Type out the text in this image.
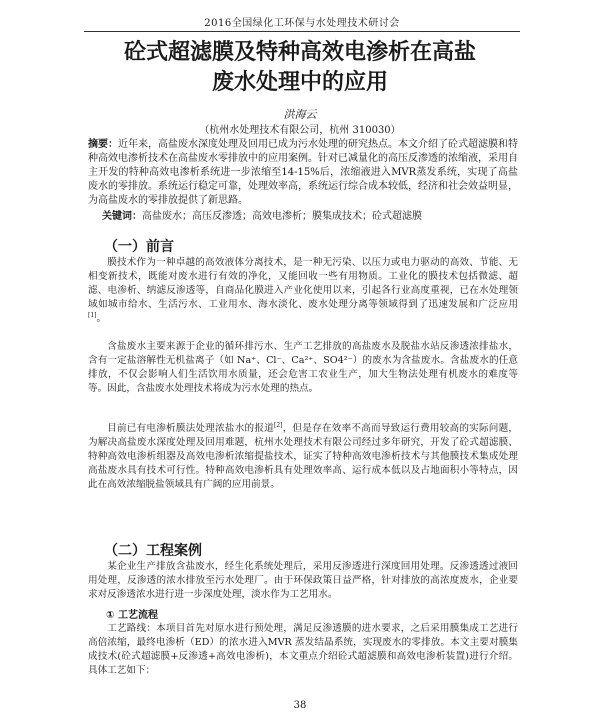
2016全国绿化工环保与水处理技术研讨会
砼式超滤膜及特种高效电渗析在高盐
废水处理中的应用
洪海云
（杭州水处理技术有限公司，杭州 310030）
摘要：近年来，高盐废水深度处理及回用已成为污水处理的研究热点。本文介绍了砼式超滤膜和特种高效电渗析技术在高盐废水零排放中的应用案例。针对已减量化的高压反渗透的浓缩液，采用自主开发的特种高效电渗析系统进一步浓缩至14-15%后，浓缩液进入MVR蒸发系统，实现了高盐废水的零排放。系统运行稳定可靠，处理效率高，系统运行综合成本较低，经济和社会效益明显，为高盐废水的零排放提供了新思路。
关键词：高盐废水；高压反渗透；高效电渗析；膜集成技术；砼式超滤膜
（一）前言
膜技术作为一种卓越的高效液体分离技术，是一种无污染、以压力或电力驱动的高效、节能、无相变新技术，既能对废水进行有效的净化，又能回收一些有用物质。工业化的膜技术包括微滤、超滤、电渗析、纳滤反渗透等，自商品化膜进入产业化使用以来，引起各行业高度重视，已在水处理领域如城市给水、生活污水、工业用水、海水淡化、废水处理分离等领域得到了迅速发展和广泛应用[1]。
含盐废水主要来源于企业的循环排污水、生产工艺排放的高盐废水及脱盐水站反渗透浓排盐水，含有一定盐溶解性无机盐离子（如 Na⁺、Cl⁻、Ca²⁺、SO4²⁻）的废水为含盐废水。含盐废水的任意排放，不仅会影响人们生活饮用水质量，还会危害工农业生产，加大生物法处理有机废水的难度等等。因此，含盐废水处理技术将成为污水处理的热点。
目前已有电渗析膜法处理浓盐水的报道[2]，但是存在效率不高而导致运行费用较高的实际问题，为解决高盐废水深度处理及回用难题，杭州水处理技术有限公司经过多年研究，开发了砼式超滤膜、特种高效电渗析组器及高效电渗析浓缩提盐技术，证实了特种高效电渗析技术与其他膜技术集成处理高盐废水具有技术可行性。特种高效电渗析具有处理效率高、运行成本低以及占地面积小等特点，因此在高效浓缩脱盐领域具有广阔的应用前景。
（二）工程案例
某企业生产排放含盐废水，经生化系统处理后，采用反渗透进行深度回用处理。反渗透透过液回用处理，反渗透的浓水排放至污水处理厂。由于环保政策日益严格，针对排放的高浓度废水，企业要求对反渗透浓水进行进一步深度处理，淡水作为工艺用水。
① 工艺流程
工艺路线：本项目首先对原水进行预处理，满足反渗透膜的进水要求，之后采用膜集成工艺进行高倍浓缩，最终电渗析（ED）的浓水进入MVR 蒸发结晶系统，实现废水的零排放。本文主要对膜集成技术(砼式超滤膜+反渗透+高效电渗析)，本文重点介绍砼式超滤膜和高效电渗析装置)进行介绍。具体工艺如下：
38
